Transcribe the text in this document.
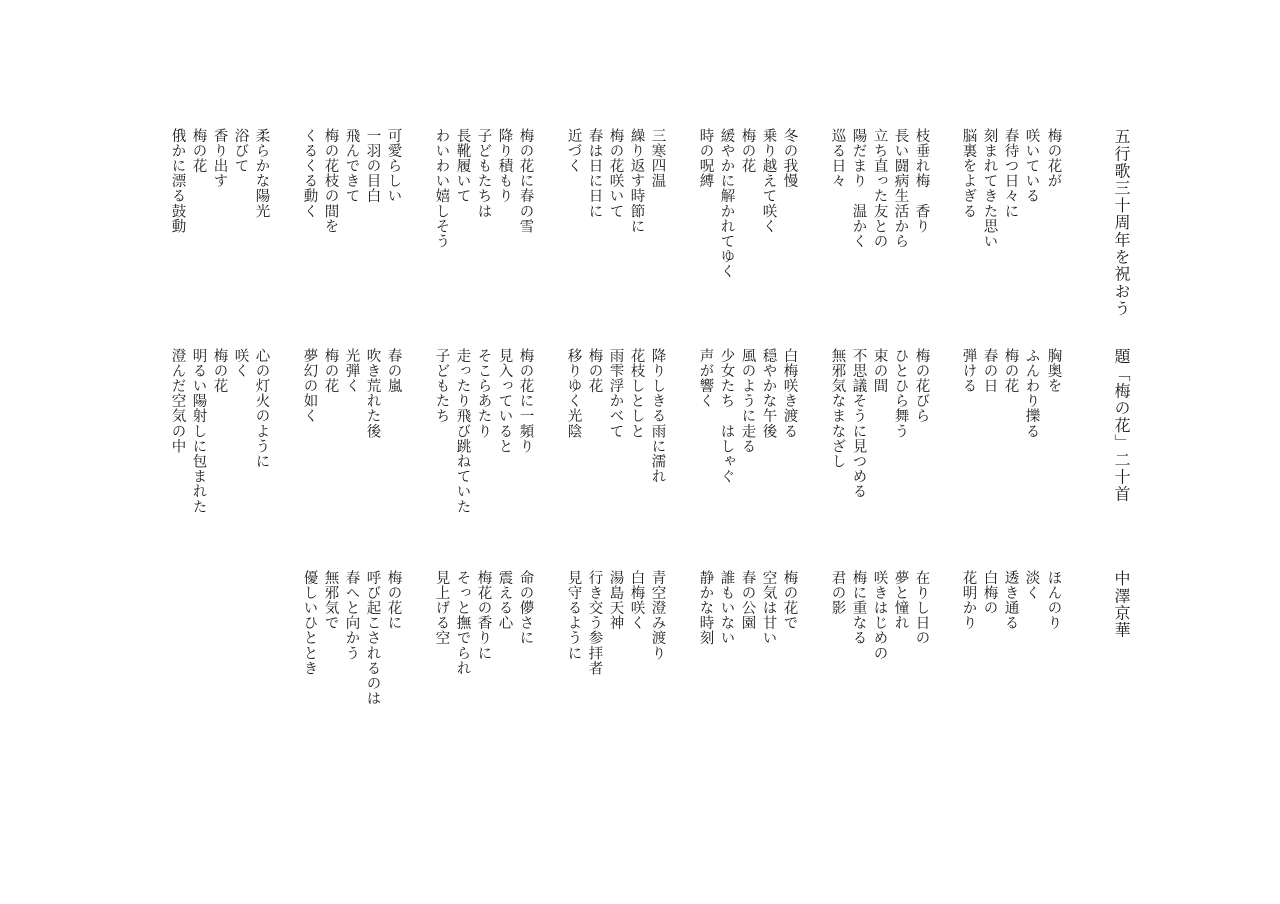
五行歌三十周年を祝おう
題「梅の花」二十首
中澤京華
梅の花が
胸奥を
ほんのり
咲いている
ふんわり擽る
淡く
春待つ日々に
梅の花
透き通る
刻まれてきた思い
春の日
白梅の
脳裏をよぎる
弾ける
花明かり
枝垂れ梅　香り
梅の花びら
在りし日の
長い闘病生活から
ひとひら舞う
夢と憧れ
立ち直った友との
束の間
咲きはじめの
陽だまり　温かく
不思議そうに見つめる
梅に重なる
巡る日々
無邪気なまなざし
君の影
冬の我慢
白梅咲き渡る
梅の花で
乗り越えて咲く
穏やかな午後
空気は甘い
梅の花
風のように走る
春の公園
緩やかに解かれてゆく
少女たち　はしゃぐ
誰もいない
時の呪縛
声が響く
静かな時刻
三寒四温
降りしきる雨に濡れ
青空澄み渡り
繰り返す時節に
花枝しとしと
白梅咲く
梅の花咲いて
雨雫浮かべて
湯島天神
春は日に日に
梅の花
行き交う参拝者
近づく
移りゆく光陰
見守るように
梅の花に春の雪
梅の花に一頻り
命の儚さに
降り積もり
見入っていると
震える心
子どもたちは
そこらあたり
梅花の香りに
長靴履いて
走ったり飛び跳ねていた
そっと撫でられ
わいわい嬉しそう
子どもたち
見上げる空
可愛らしい
春の嵐
梅の花に
一羽の目白
吹き荒れた後
呼び起こされるのは
飛んできて
光弾く
春へと向かう
梅の花枝の間を
梅の花
無邪気で
くるくる動く
夢幻の如く
優しいひととき
柔らかな陽光
心の灯火のように
浴びて
咲く
香り出す
梅の花
梅の花
明るい陽射しに包まれた
俄かに漂る鼓動
澄んだ空気の中
